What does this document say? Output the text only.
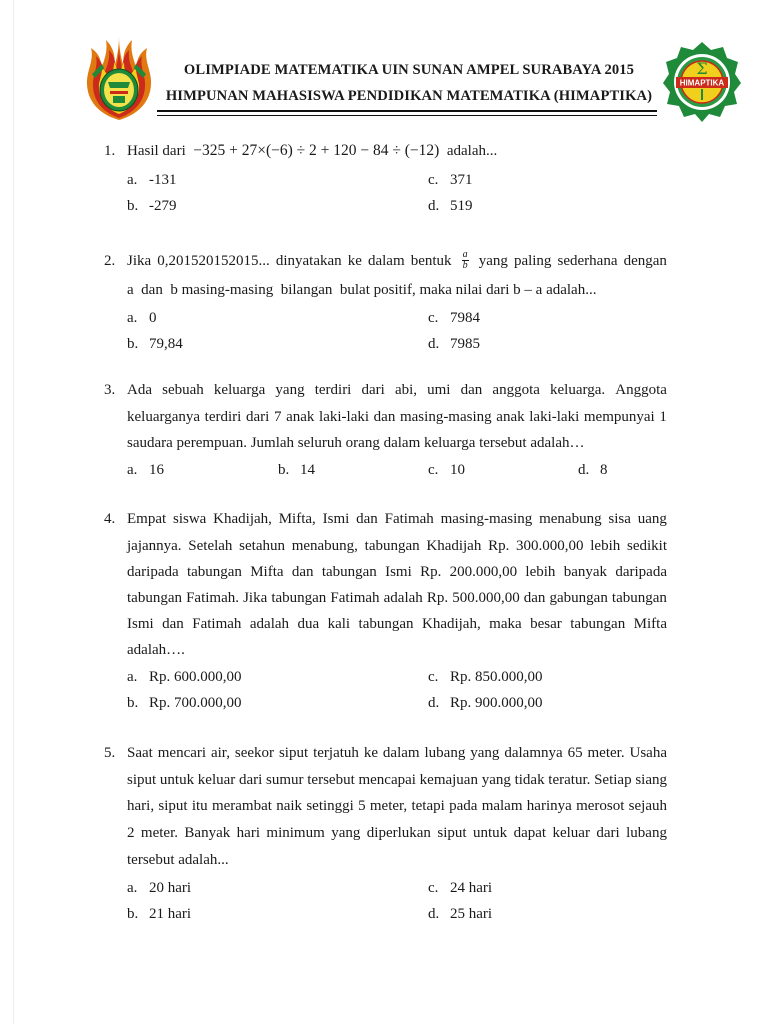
OLIMPIADE MATEMATIKA UIN SUNAN AMPEL SURABAYA 2015
HIMPUNAN MAHASISWA PENDIDIKAN MATEMATIKA (HIMAPTIKA)
HIMAPTIKA
Σ
1. Hasil dari −325 + 27×(−6) ÷ 2 + 120 − 84 ÷ (−12) adalah...
a. -131	c. 371
b. -279	d. 519
2. Jika 0,201520152015... dinyatakan ke dalam bentuk $\frac{a}{b}$ yang paling sederhana dengan
a  dan  b masing-masing  bilangan  bulat positif, maka nilai dari b – a adalah...
a. 0	c. 7984
b. 79,84	d. 7985
3. Ada sebuah keluarga yang terdiri dari abi, umi dan anggota keluarga. Anggota
keluarganya terdiri dari 7 anak laki-laki dan masing-masing anak laki-laki mempunyai 1
saudara perempuan. Jumlah seluruh orang dalam keluarga tersebut adalah…
a. 16	b. 14	c. 10	d. 8
4. Empat siswa Khadijah, Mifta, Ismi dan Fatimah masing-masing menabung sisa uang
jajannya. Setelah setahun menabung, tabungan Khadijah Rp. 300.000,00 lebih sedikit
daripada tabungan Mifta dan tabungan Ismi Rp. 200.000,00 lebih banyak daripada
tabungan Fatimah. Jika tabungan Fatimah adalah Rp. 500.000,00 dan gabungan tabungan
Ismi dan Fatimah adalah dua kali tabungan Khadijah, maka besar tabungan Mifta
adalah….
a. Rp. 600.000,00	c. Rp. 850.000,00
b. Rp. 700.000,00	d. Rp. 900.000,00
5. Saat mencari air, seekor siput terjatuh ke dalam lubang yang dalamnya 65 meter. Usaha
siput untuk keluar dari sumur tersebut mencapai kemajuan yang tidak teratur. Setiap siang
hari, siput itu merambat naik setinggi 5 meter, tetapi pada malam harinya merosot sejauh
2 meter. Banyak hari minimum yang diperlukan siput untuk dapat keluar dari lubang
tersebut adalah...
a. 20 hari	c. 24 hari
b. 21 hari	d. 25 hari
